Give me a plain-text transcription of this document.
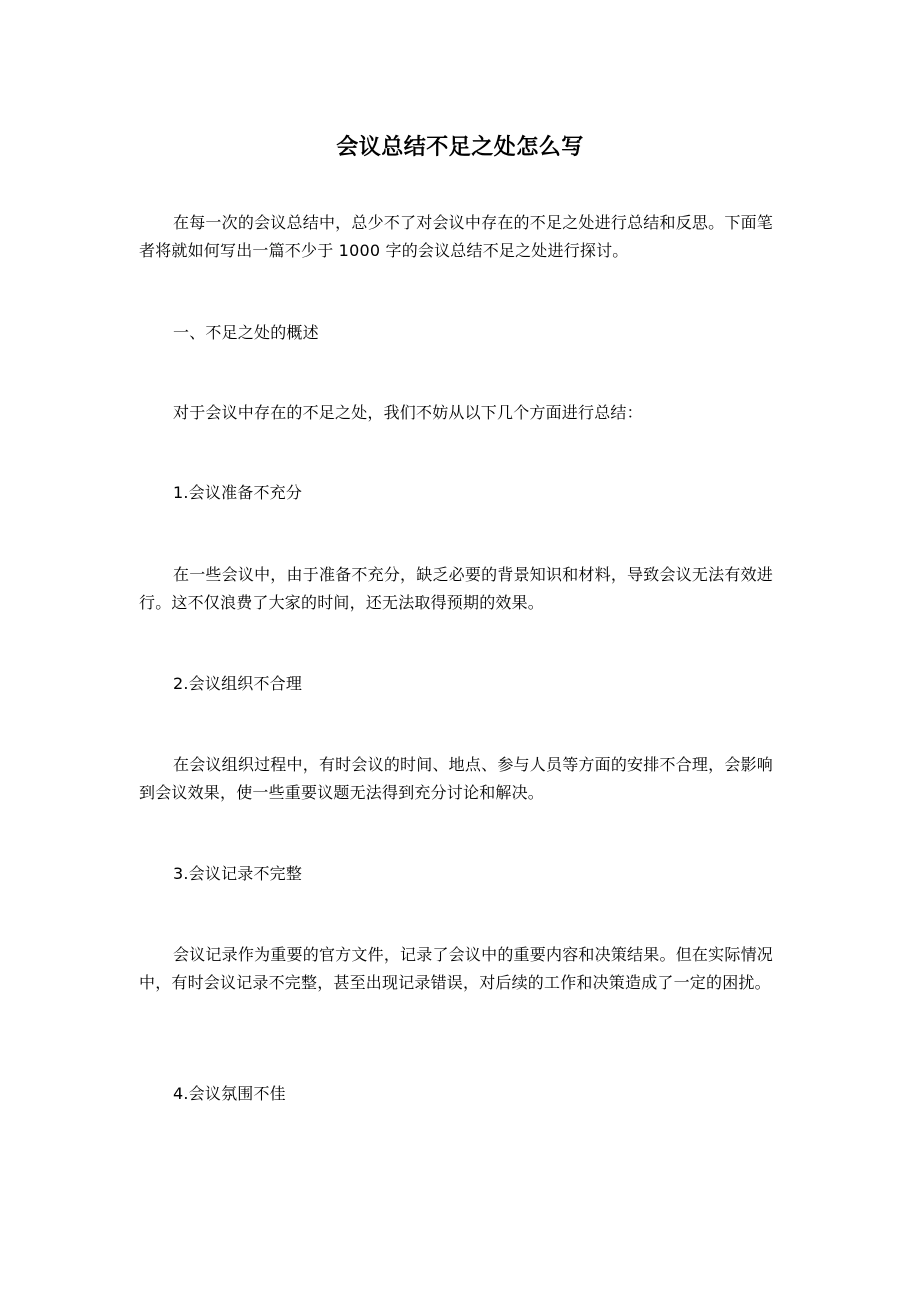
会议总结不足之处怎么写

在每一次的会议总结中，总少不了对会议中存在的不足之处进行总结和反思。下面笔者将就如何写出一篇不少于 1000 字的会议总结不足之处进行探讨。

一、不足之处的概述

对于会议中存在的不足之处，我们不妨从以下几个方面进行总结：

1.会议准备不充分

在一些会议中，由于准备不充分，缺乏必要的背景知识和材料，导致会议无法有效进行。这不仅浪费了大家的时间，还无法取得预期的效果。

2.会议组织不合理

在会议组织过程中，有时会议的时间、地点、参与人员等方面的安排不合理，会影响到会议效果，使一些重要议题无法得到充分讨论和解决。

3.会议记录不完整

会议记录作为重要的官方文件，记录了会议中的重要内容和决策结果。但在实际情况中，有时会议记录不完整，甚至出现记录错误，对后续的工作和决策造成了一定的困扰。

4.会议氛围不佳
